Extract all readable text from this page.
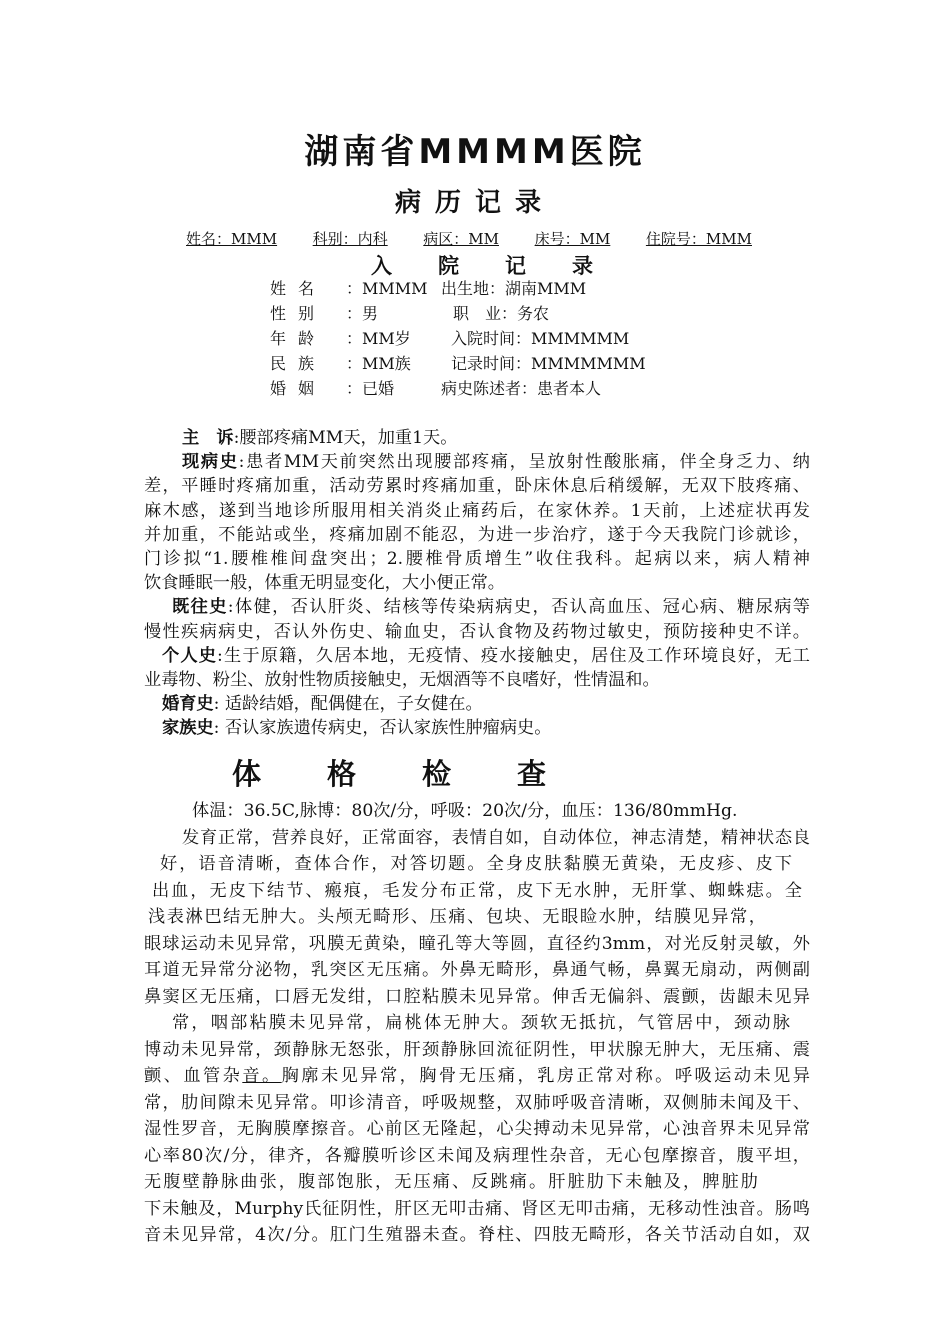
湖南省MMMM医院
病历记录
姓名：MMM 科别：内科 病区：MM 床号：MM 住院号：MMM
入院记录
姓名 ：MMMM 出生地：湖南MMM
性别 ：男	职　业：务农
年龄 ：MM岁	入院时间：MMMMMM
民族 ：MM族	记录时间：MMMMMMM
婚姻 ：已婚	病史陈述者：患者本人
主　诉:腰部疼痛MM天，加重1天。
现病史:患者MM天前突然出现腰部疼痛，呈放射性酸胀痛，伴全身乏力、纳
差，平睡时疼痛加重，活动劳累时疼痛加重，卧床休息后稍缓解，无双下肢疼痛、
麻木感，遂到当地诊所服用相关消炎止痛药后，在家休养。1天前，上述症状再发
并加重，不能站或坐，疼痛加剧不能忍，为进一步治疗，遂于今天我院门诊就诊，
门诊拟“1.腰椎椎间盘突出；2.腰椎骨质增生”收住我科。起病以来，病人精神
饮食睡眠一般，体重无明显变化，大小便正常。
既往史:体健，否认肝炎、结核等传染病病史，否认高血压、冠心病、糖尿病等
慢性疾病病史，否认外伤史、输血史，否认食物及药物过敏史，预防接种史不详。
个人史:生于原籍，久居本地，无疫情、疫水接触史，居住及工作环境良好，无工
业毒物、粉尘、放射性物质接触史，无烟酒等不良嗜好，性情温和。
婚育史: 适龄结婚，配偶健在，子女健在。
家族史: 否认家族遗传病史，否认家族性肿瘤病史。
体	格	检	查
体温：36.5C,脉博：80次/分，呼吸：20次/分，血压：136/80mmHg.
发育正常，营养良好，正常面容，表情自如，自动体位，神志清楚，精神状态良
好，语音清晰，查体合作，对答切题。全身皮肤黏膜无黄染，无皮疹、皮下
出血，无皮下结节、瘢痕，毛发分布正常，皮下无水肿，无肝掌、蜘蛛痣。全
浅表淋巴结无肿大。头颅无畸形、压痛、包块、无眼睑水肿，结膜见异常，
眼球运动未见异常，巩膜无黄染，瞳孔等大等圆，直径约3mm，对光反射灵敏，外
耳道无异常分泌物，乳突区无压痛。外鼻无畸形，鼻通气畅，鼻翼无扇动，两侧副
鼻窦区无压痛，口唇无发绀，口腔粘膜未见异常。伸舌无偏斜、震颤，齿龈未见异
常，咽部粘膜未见异常，扁桃体无肿大。颈软无抵抗，气管居中，颈动脉
博动未见异常，颈静脉无怒张，肝颈静脉回流征阴性，甲状腺无肿大，无压痛、震
颤、血管杂音。胸廓未见异常，胸骨无压痛，乳房正常对称。呼吸运动未见异
常，肋间隙未见异常。叩诊清音，呼吸规整，双肺呼吸音清晰，双侧肺未闻及干、
湿性罗音，无胸膜摩擦音。心前区无隆起，心尖搏动未见异常，心浊音界未见异常
心率80次/分，律齐，各瓣膜听诊区未闻及病理性杂音，无心包摩擦音，腹平坦，
无腹壁静脉曲张，腹部饱胀，无压痛、反跳痛。肝脏肋下未触及，脾脏肋
下未触及，Murphy氏征阴性，肝区无叩击痛、肾区无叩击痛，无移动性浊音。肠鸣
音未见异常，4次/分。肛门生殖器未查。脊柱、四肢无畸形，各关节活动自如，双
